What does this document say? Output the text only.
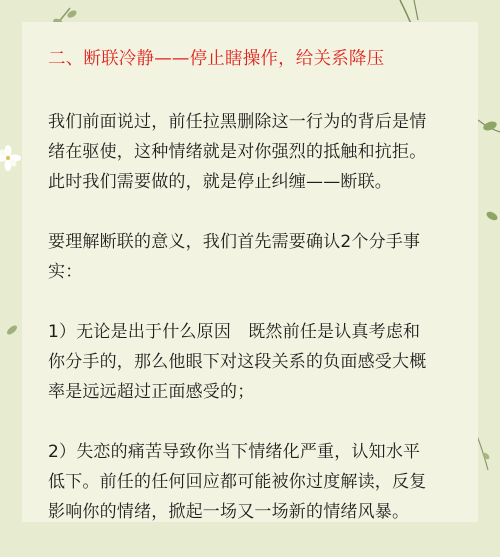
二、断联冷静——停止瞎操作，给关系降压
我们前面说过，前任拉黑删除这一行为的背后是情
绪在驱使，这种情绪就是对你强烈的抵触和抗拒。
此时我们需要做的，就是停止纠缠——断联。
要理解断联的意义，我们首先需要确认2个分手事
实：
1）无论是出于什么原因　既然前任是认真考虑和
你分手的，那么他眼下对这段关系的负面感受大概
率是远远超过正面感受的；
2）失恋的痛苦导致你当下情绪化严重，认知水平
低下。前任的任何回应都可能被你过度解读，反复
影响你的情绪，掀起一场又一场新的情绪风暴。
